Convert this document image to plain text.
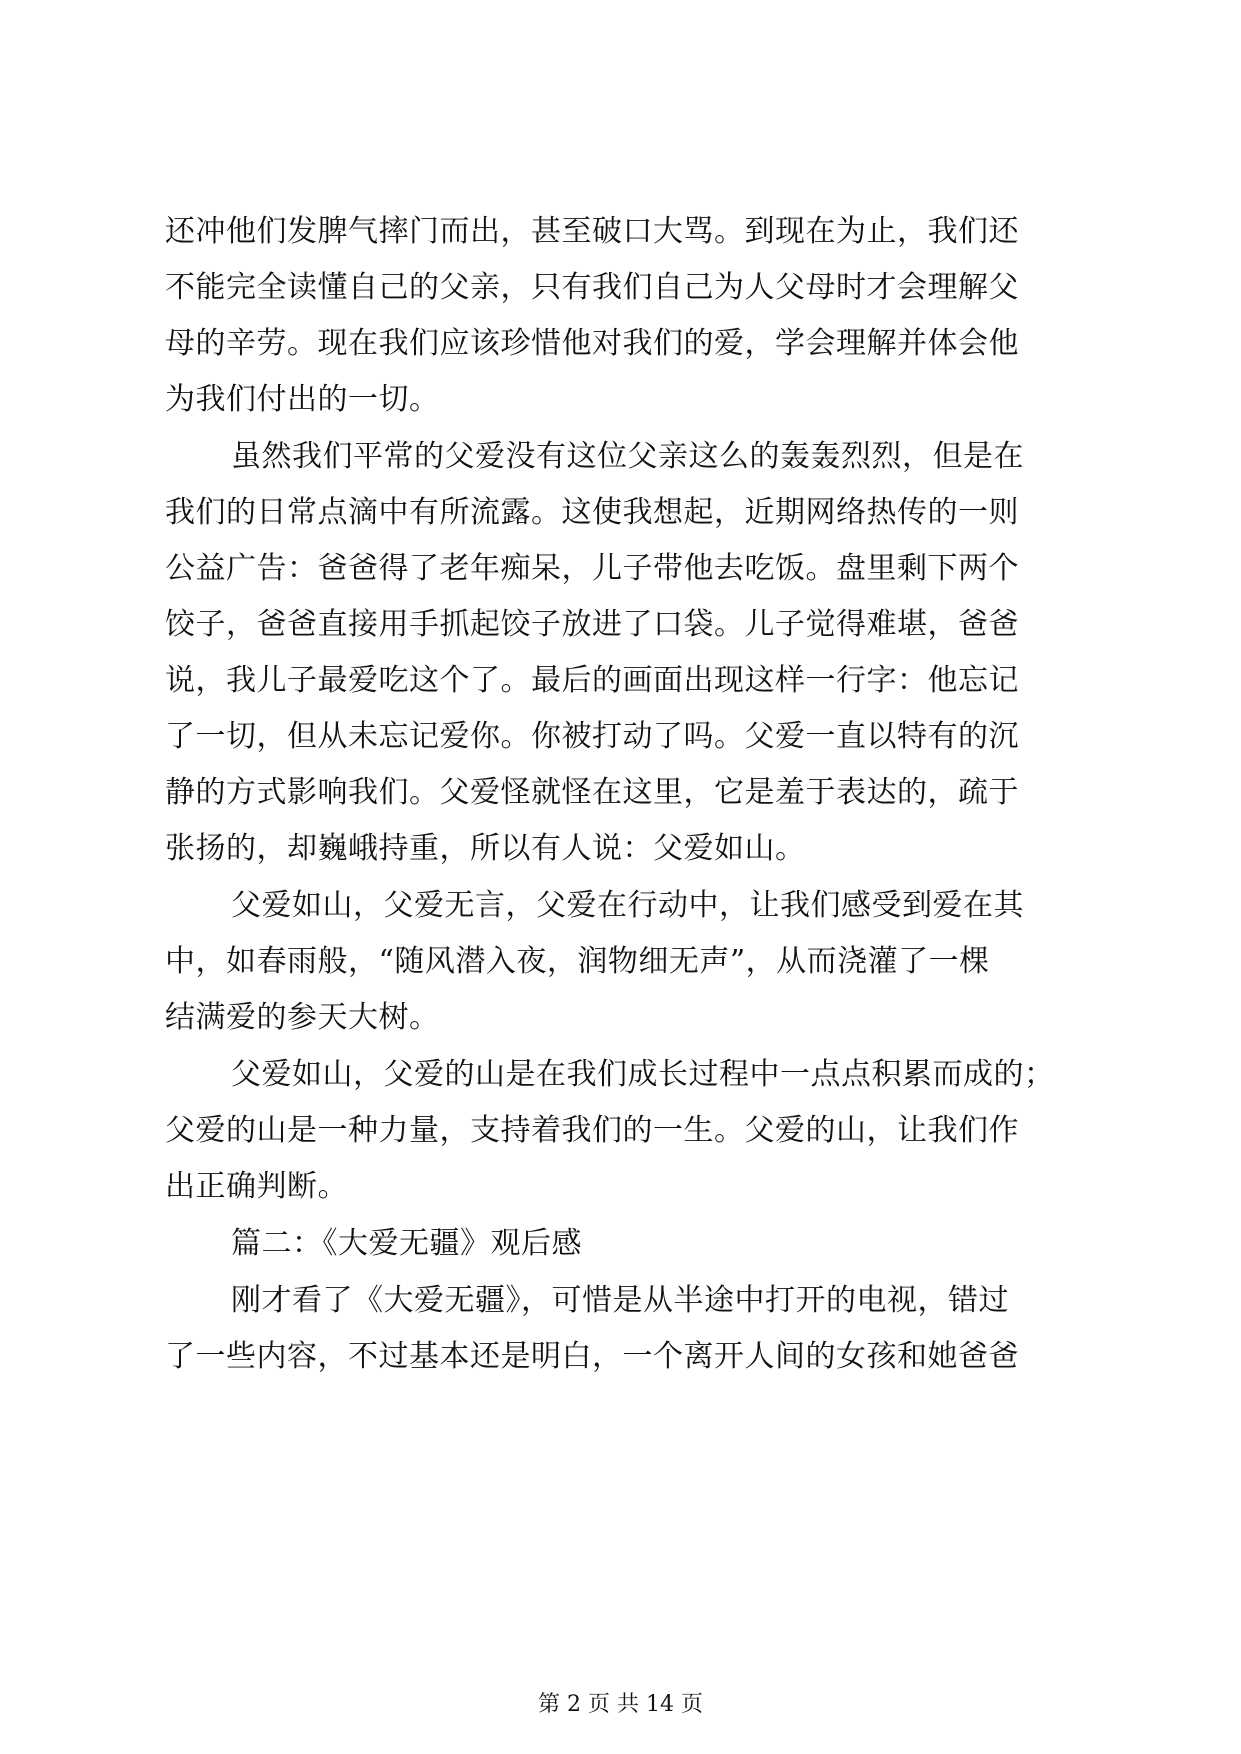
还冲他们发脾气摔门而出，甚至破口大骂。到现在为止，我们还
不能完全读懂自己的父亲，只有我们自己为人父母时才会理解父
母的辛劳。现在我们应该珍惜他对我们的爱，学会理解并体会他
为我们付出的一切。
虽然我们平常的父爱没有这位父亲这么的轰轰烈烈，但是在
我们的日常点滴中有所流露。这使我想起，近期网络热传的一则
公益广告：爸爸得了老年痴呆，儿子带他去吃饭。盘里剩下两个
饺子，爸爸直接用手抓起饺子放进了口袋。儿子觉得难堪，爸爸
说，我儿子最爱吃这个了。最后的画面出现这样一行字：他忘记
了一切，但从未忘记爱你。你被打动了吗。父爱一直以特有的沉
静的方式影响我们。父爱怪就怪在这里，它是羞于表达的，疏于
张扬的，却巍峨持重，所以有人说：父爱如山。
父爱如山，父爱无言，父爱在行动中，让我们感受到爱在其
中，如春雨般，“随风潜入夜，润物细无声”，从而浇灌了一棵
结满爱的参天大树。
父爱如山，父爱的山是在我们成长过程中一点点积累而成的；
父爱的山是一种力量，支持着我们的一生。父爱的山，让我们作
出正确判断。
篇二：《大爱无疆》观后感
刚才看了《大爱无疆》，可惜是从半途中打开的电视，错过
了一些内容，不过基本还是明白，一个离开人间的女孩和她爸爸
第 2 页 共 14 页
